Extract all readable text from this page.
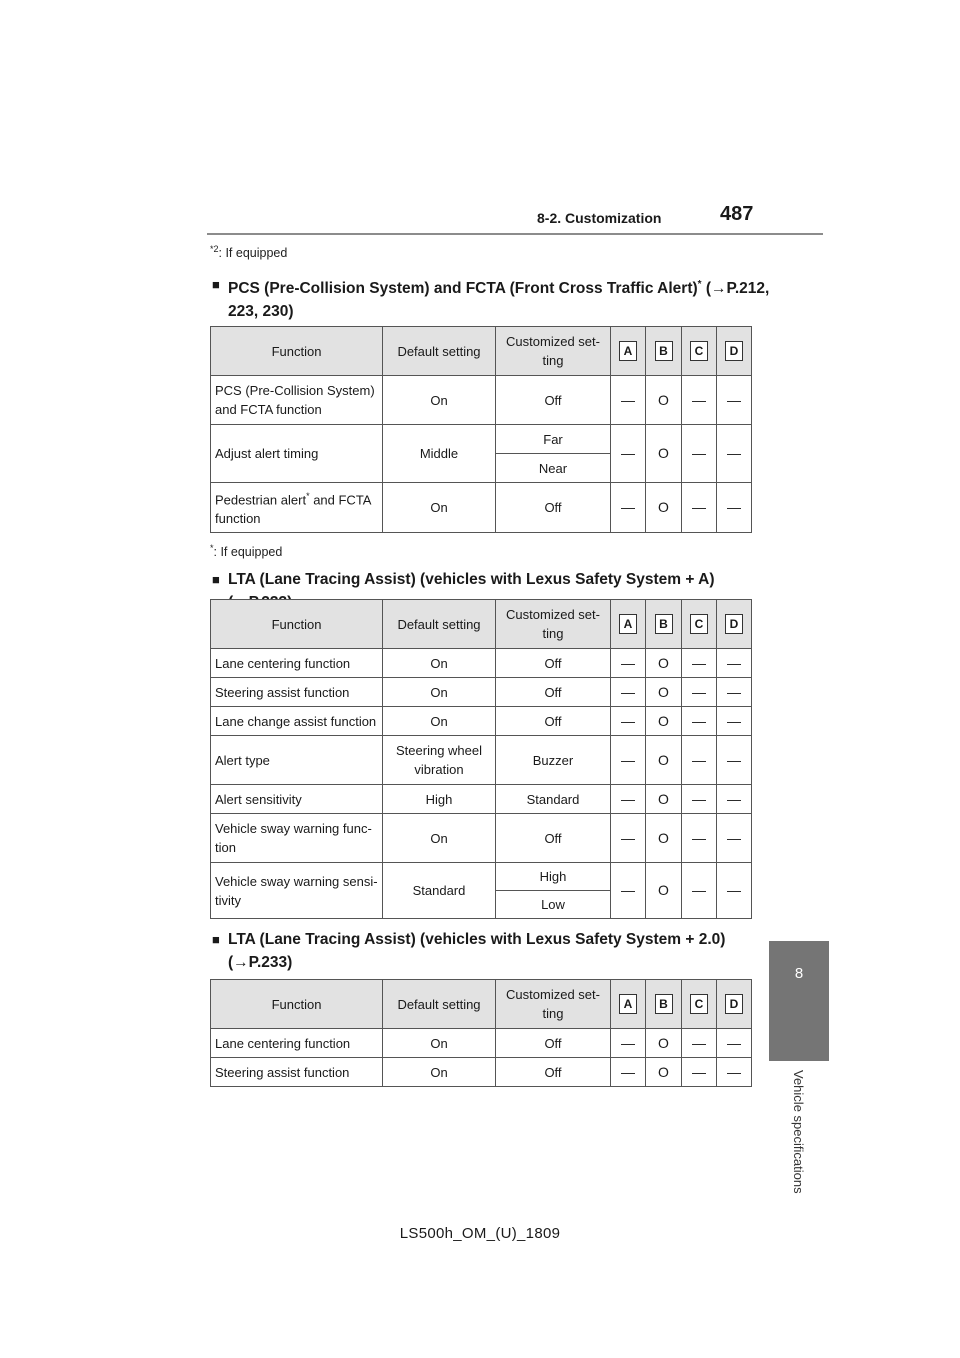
8-2. Customization	487
8
Vehicle specifications
$^{*2}$: If equipped
■ PCS (Pre-Collision System) and FCTA (Front Cross Traffic Alert)* (→P.212, 223, 230)
Function	Default setting	Customized set-ting	A	B	C	D
PCS (Pre-Collision System) and FCTA function	On	Off	—	O	—	—
Adjust alert timing	Middle	Far	—	O	—	—
		Near				
Pedestrian alert* and FCTA function	On	Off	—	O	—	—
*: If equipped
■ LTA (Lane Tracing Assist) (vehicles with Lexus Safety System + A)
Function	Default setting	Customized set-ting	A	B	C	D
Lane centering function	On	Off	—	O	—	—
Steering assist function	On	Off	—	O	—	—
Lane change assist function	On	Off	—	O	—	—
Alert type	Steering wheel vibration	Buzzer	—	O	—	—
Alert sensitivity	High	Standard	—	O	—	—
Vehicle sway warning func-tion	On	Off	—	O	—	—
Vehicle sway warning sensi-tivity	Standard	High	—	O	—	—
		Low				
■ LTA (Lane Tracing Assist) (vehicles with Lexus Safety System + 2.0) (→P.233)
Function	Default setting	Customized set-ting	A	B	C	D
Lane centering function	On	Off	—	O	—	—
Steering assist function	On	Off	—	O	—	—
LS500h_OM_(U)_1809
